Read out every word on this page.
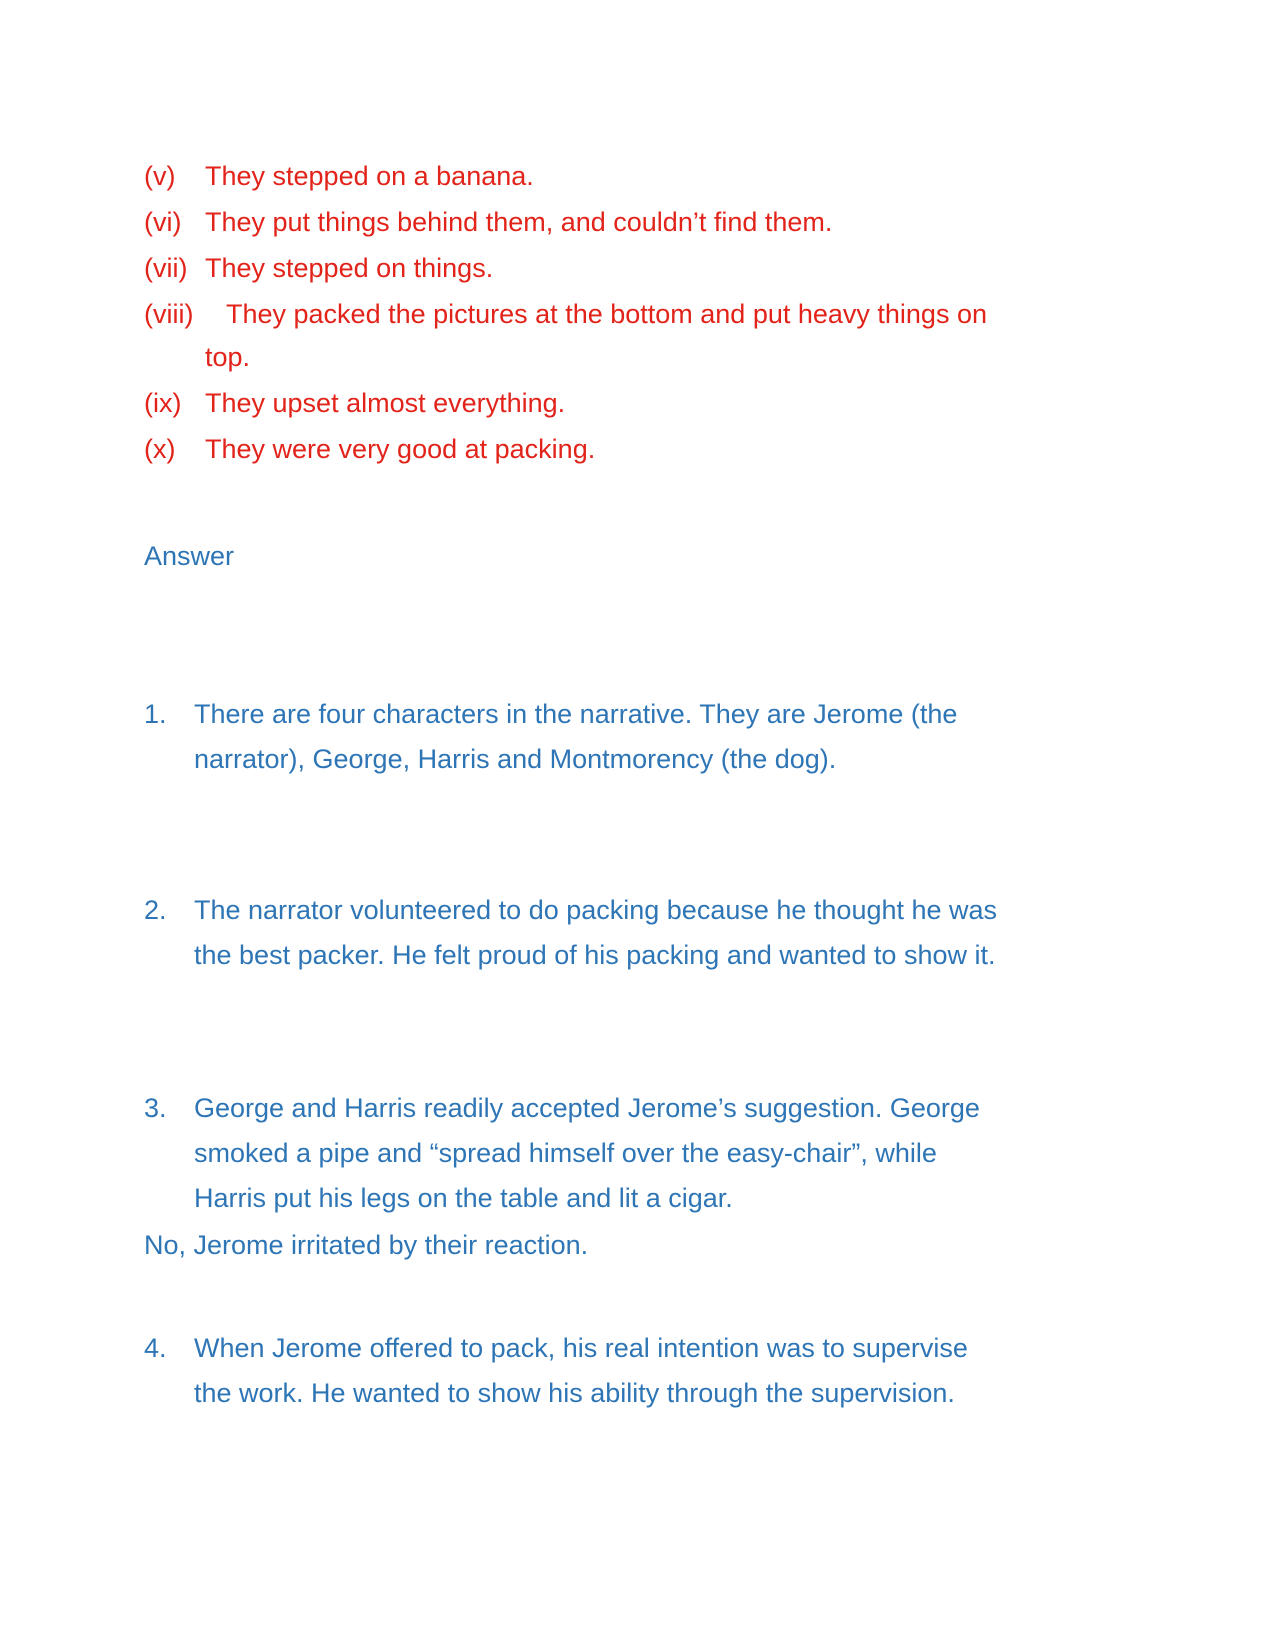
(v) They stepped on a banana.
(vi) They put things behind them, and couldn’t find them.
(vii) They stepped on things.
(viii) They packed the pictures at the bottom and put heavy things on
top.
(ix) They upset almost everything.
(x) They were very good at packing.
Answer
1. There are four characters in the narrative. They are Jerome (the
narrator), George, Harris and Montmorency (the dog).
2. The narrator volunteered to do packing because he thought he was
the best packer. He felt proud of his packing and wanted to show it.
3. George and Harris readily accepted Jerome’s suggestion. George
smoked a pipe and “spread himself over the easy-chair”, while
Harris put his legs on the table and lit a cigar.
No, Jerome irritated by their reaction.
4. When Jerome offered to pack, his real intention was to supervise
the work. He wanted to show his ability through the supervision.
